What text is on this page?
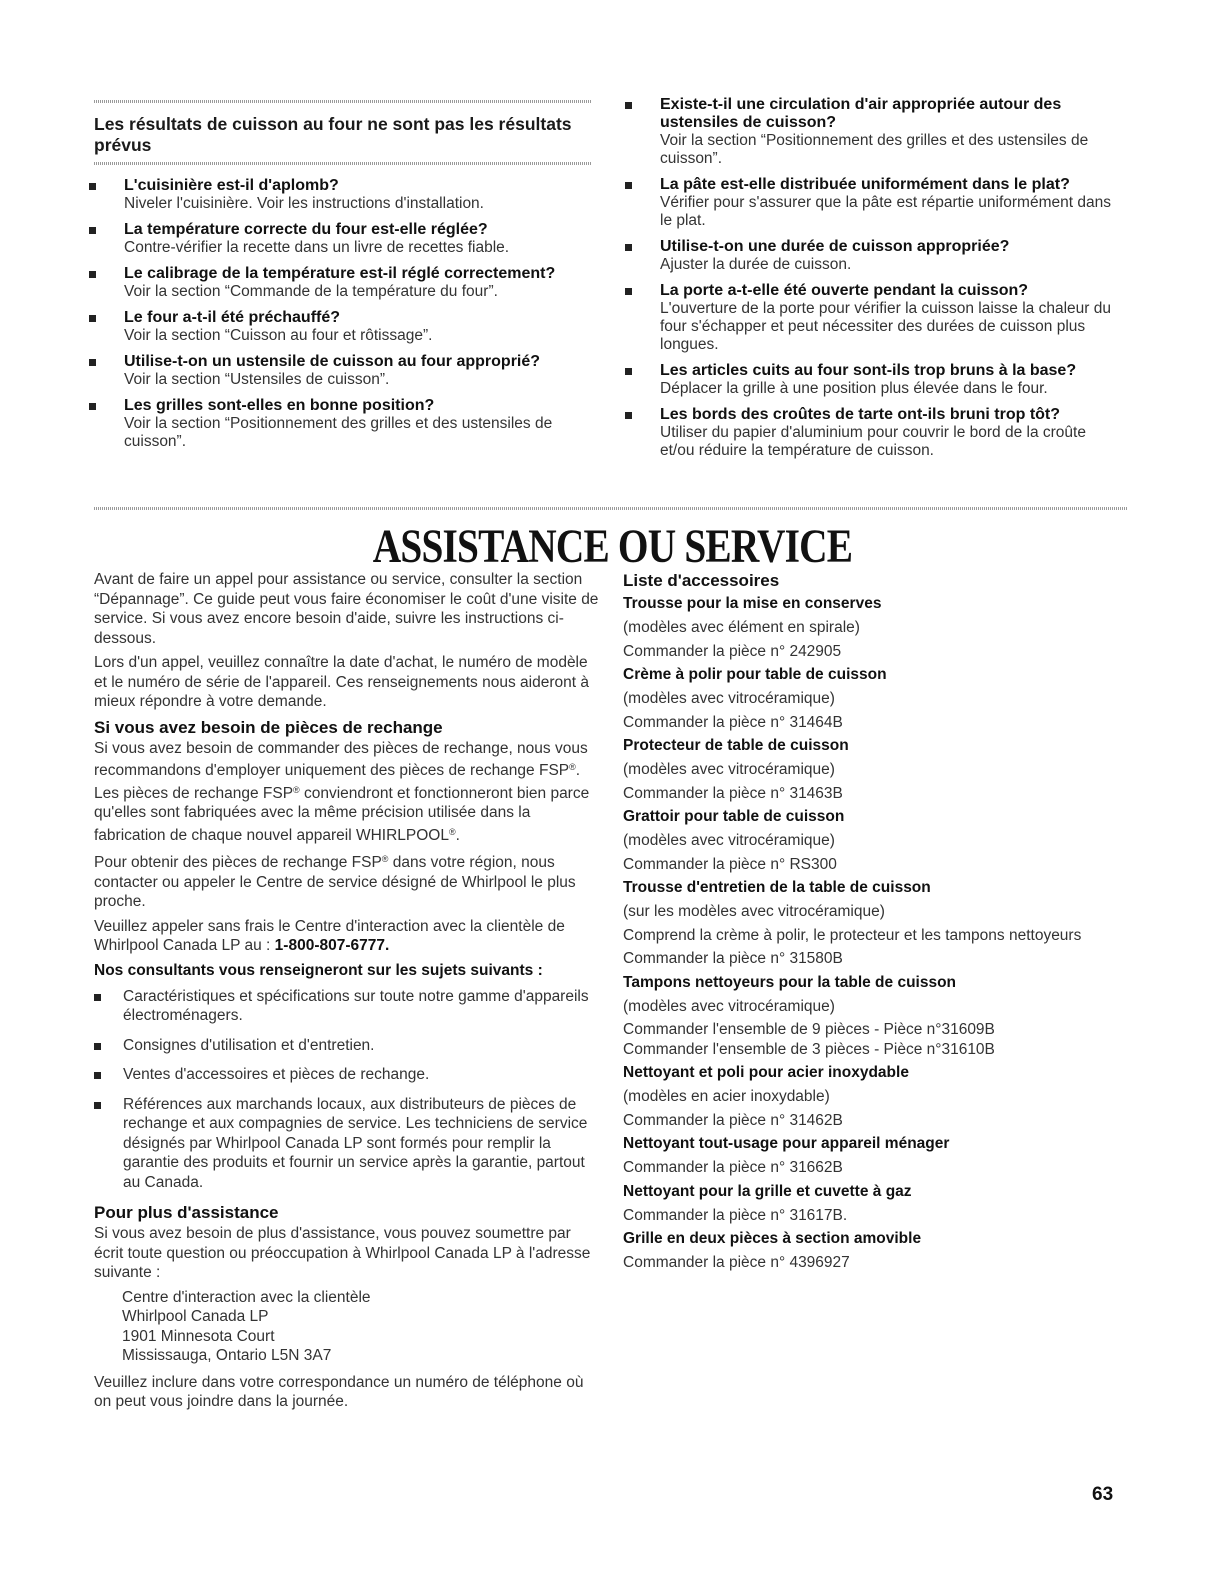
Les résultats de cuisson au four ne sont pas les résultats prévus
L'cuisinière est-il d'aplomb?
Niveler l'cuisinière. Voir les instructions d'installation.
La température correcte du four est-elle réglée?
Contre-vérifier la recette dans un livre de recettes fiable.
Le calibrage de la température est-il réglé correctement?
Voir la section “Commande de la température du four”.
Le four a-t-il été préchauffé?
Voir la section “Cuisson au four et rôtissage”.
Utilise-t-on un ustensile de cuisson au four approprié?
Voir la section “Ustensiles de cuisson”.
Les grilles sont-elles en bonne position?
Voir la section “Positionnement des grilles et des ustensiles de cuisson”.
Existe-t-il une circulation d'air appropriée autour des ustensiles de cuisson?
Voir la section “Positionnement des grilles et des ustensiles de cuisson”.
La pâte est-elle distribuée uniformément dans le plat?
Vérifier pour s'assurer que la pâte est répartie uniformément dans le plat.
Utilise-t-on une durée de cuisson appropriée?
Ajuster la durée de cuisson.
La porte a-t-elle été ouverte pendant la cuisson?
L'ouverture de la porte pour vérifier la cuisson laisse la chaleur du four s'échapper et peut nécessiter des durées de cuisson plus longues.
Les articles cuits au four sont-ils trop bruns à la base?
Déplacer la grille à une position plus élevée dans le four.
Les bords des croûtes de tarte ont-ils bruni trop tôt?
Utiliser du papier d'aluminium pour couvrir le bord de la croûte et/ou réduire la température de cuisson.
ASSISTANCE OU SERVICE

Avant de faire un appel pour assistance ou service, consulter la section “Dépannage”. Ce guide peut vous faire économiser le coût d'une visite de service. Si vous avez encore besoin d'aide, suivre les instructions ci-dessous.

Lors d'un appel, veuillez connaître la date d'achat, le numéro de modèle et le numéro de série de l'appareil. Ces renseignements nous aideront à mieux répondre à votre demande.

Si vous avez besoin de pièces de rechange

Si vous avez besoin de commander des pièces de rechange, nous vous recommandons d'employer uniquement des pièces de rechange FSP®. Les pièces de rechange FSP® conviendront et fonctionneront bien parce qu'elles sont fabriquées avec la même précision utilisée dans la fabrication de chaque nouvel appareil WHIRLPOOL®.

Pour obtenir des pièces de rechange FSP® dans votre région, nous contacter ou appeler le Centre de service désigné de Whirlpool le plus proche.

Veuillez appeler sans frais le Centre d'interaction avec la clientèle de Whirlpool Canada LP au : 1-800-807-6777.

Nos consultants vous renseigneront sur les sujets suivants :
Caractéristiques et spécifications sur toute notre gamme d'appareils électroménagers.
Consignes d'utilisation et d'entretien.
Ventes d'accessoires et pièces de rechange.
Références aux marchands locaux, aux distributeurs de pièces de rechange et aux compagnies de service. Les techniciens de service désignés par Whirlpool Canada LP sont formés pour remplir la garantie des produits et fournir un service après la garantie, partout au Canada.
Pour plus d'assistance

Si vous avez besoin de plus d'assistance, vous pouvez soumettre par écrit toute question ou préoccupation à Whirlpool Canada LP à l'adresse suivante :

Centre d'interaction avec la clientèle
Whirlpool Canada LP
1901 Minnesota Court
Mississauga, Ontario L5N 3A7

Veuillez inclure dans votre correspondance un numéro de téléphone où on peut vous joindre dans la journée.

Liste d'accessoires
Trousse pour la mise en conserves
(modèles avec élément en spirale)
Commander la pièce n° 242905
Crème à polir pour table de cuisson
(modèles avec vitrocéramique)
Commander la pièce n° 31464B
Protecteur de table de cuisson
(modèles avec vitrocéramique)
Commander la pièce n° 31463B
Grattoir pour table de cuisson
(modèles avec vitrocéramique)
Commander la pièce n° RS300
Trousse d'entretien de la table de cuisson
(sur les modèles avec vitrocéramique)
Comprend la crème à polir, le protecteur et les tampons nettoyeurs
Commander la pièce n° 31580B
Tampons nettoyeurs pour la table de cuisson
(modèles avec vitrocéramique)
Commander l'ensemble de 9 pièces - Pièce n°31609B
Commander l'ensemble de 3 pièces - Pièce n°31610B
Nettoyant et poli pour acier inoxydable
(modèles en acier inoxydable)
Commander la pièce n° 31462B
Nettoyant tout-usage pour appareil ménager
Commander la pièce n° 31662B
Nettoyant pour la grille et cuvette à gaz
Commander la pièce n° 31617B.
Grille en deux pièces à section amovible
Commander la pièce n° 4396927
63
